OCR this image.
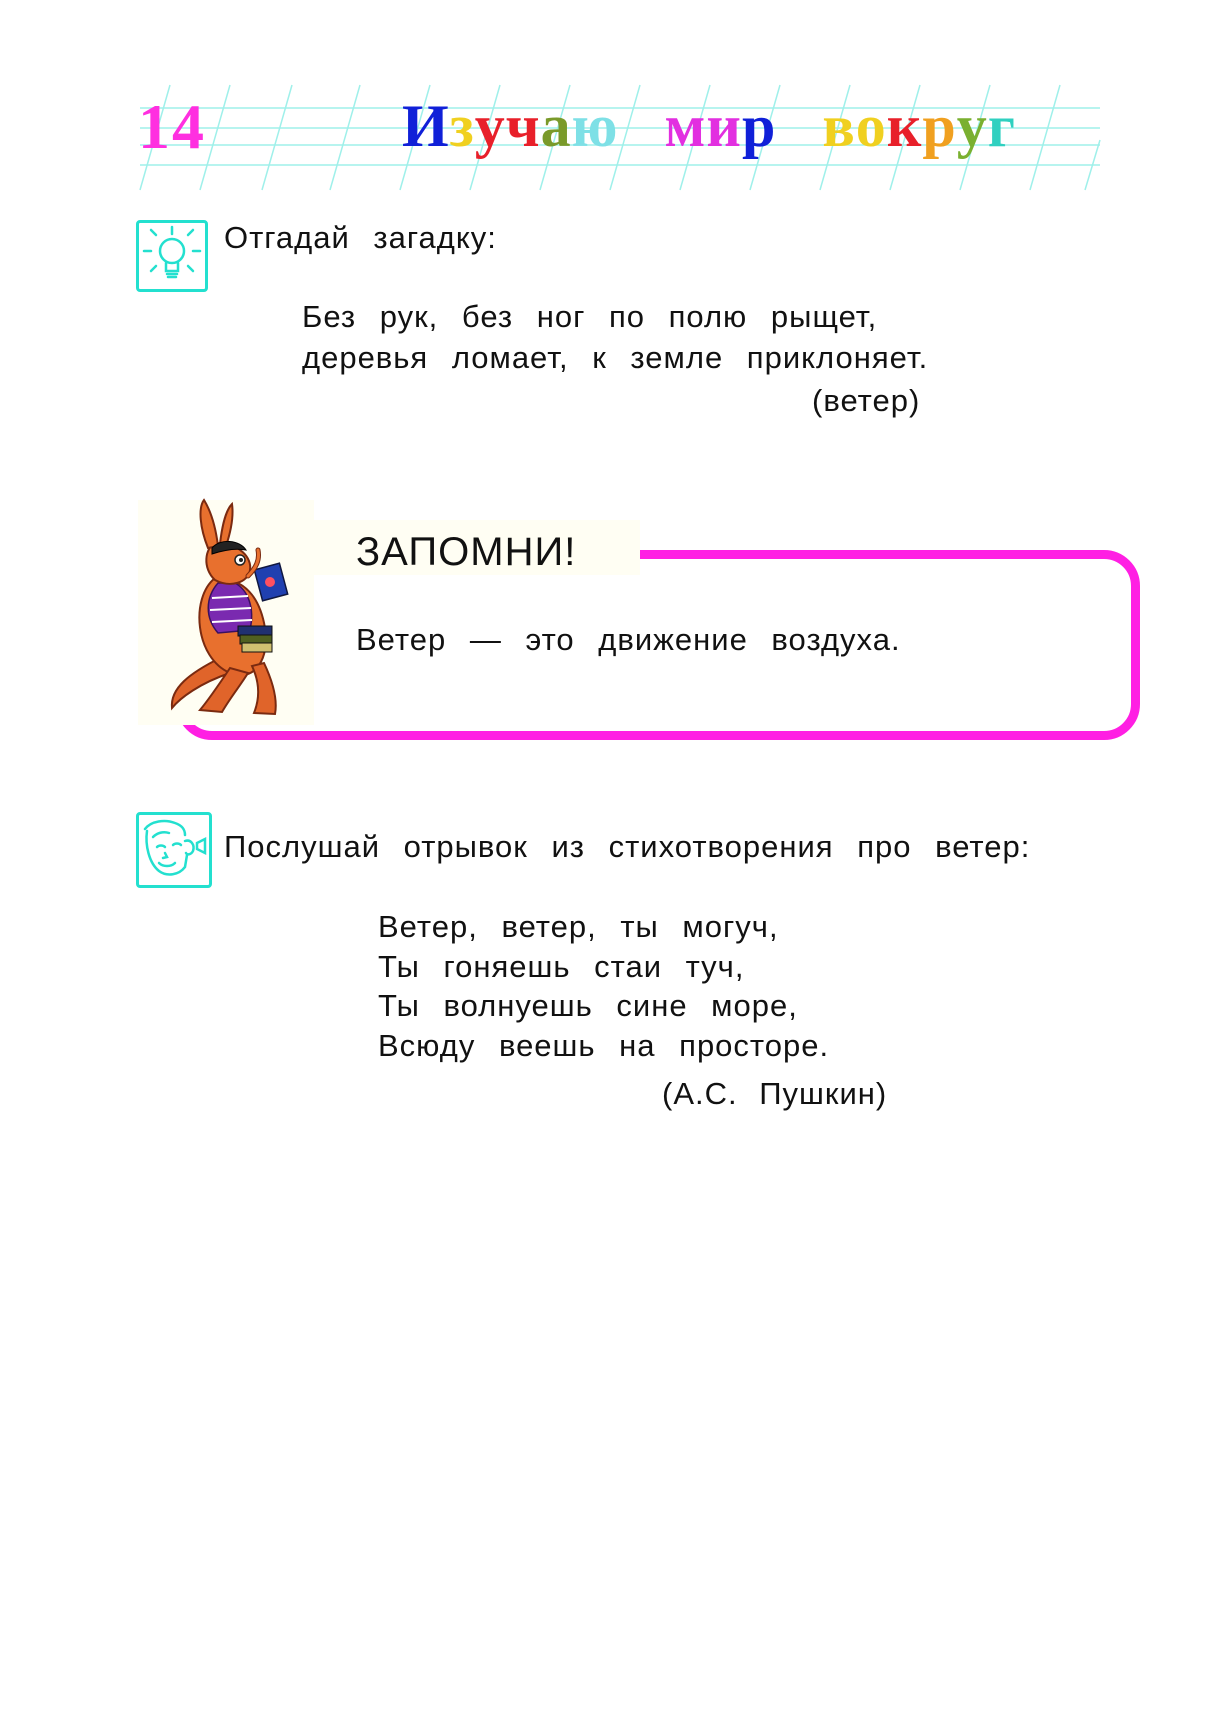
14	Изучаю мир вокруг
Отгадай загадку:
Без рук, без ног по полю рыщет,
деревья ломает, к земле приклоняет.
(ветер)
ЗАПОМНИ!
Ветер — это движение воздуха.
Послушай отрывок из стихотворения про ветер:
Ветер, ветер, ты могуч,
Ты гоняешь стаи туч,
Ты волнуешь сине море,
Всюду веешь на просторе.
(А.С. Пушкин)
